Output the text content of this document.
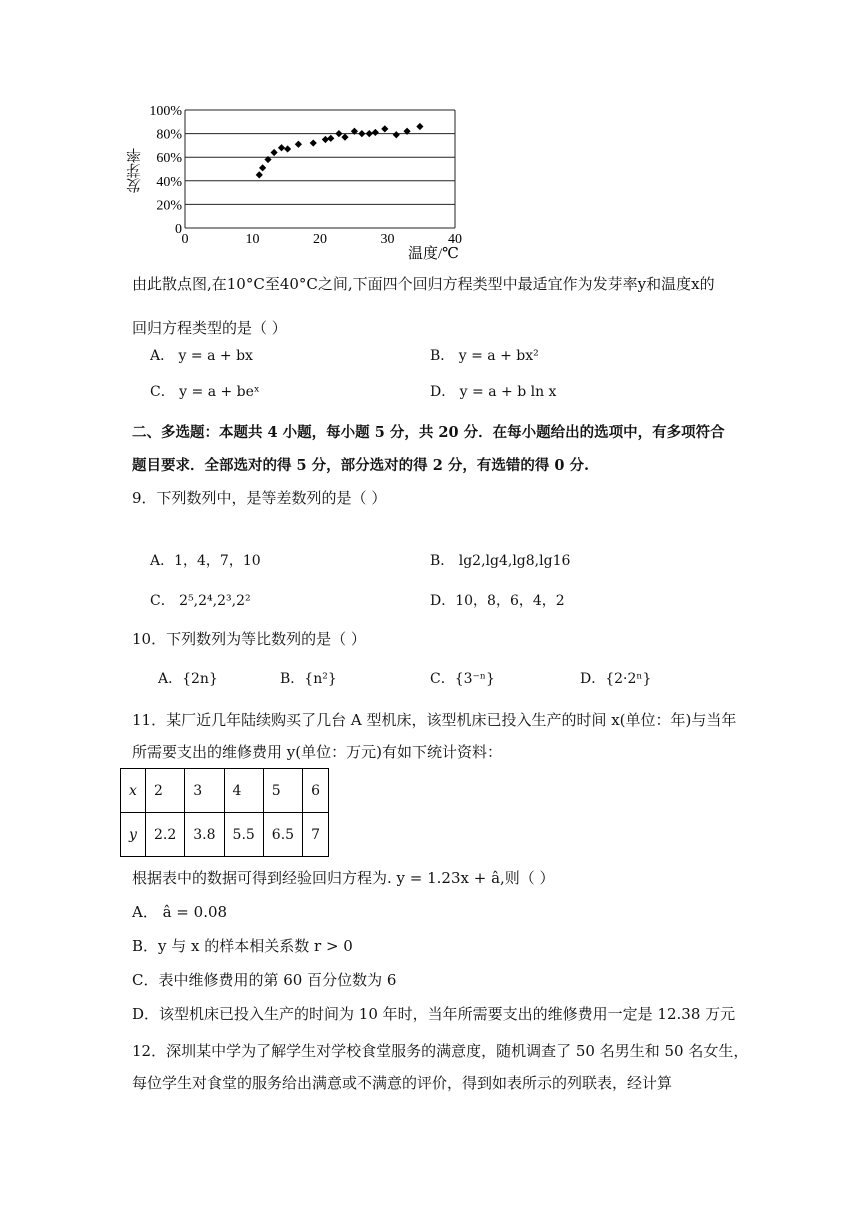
0
20%
40%
60%
80%
100%
0	10	20	30	40
温度/℃
发芽率
由此散点图,在10°C至40°C之间,下面四个回归方程类型中最适宜作为发芽率y和温度x的
回归方程类型的是（ ）
A． y = a + bx	B． y = a + bx²
C． y = a + beˣ	D． y = a + b ln x
二、多选题：本题共 4 小题，每小题 5 分，共 20 分．在每小题给出的选项中，有多项符合
题目要求．全部选对的得 5 分，部分选对的得 2 分，有选错的得 0 分.
9．下列数列中，是等差数列的是（ ）
A．1，4，7，10	B． lg2,lg4,lg8,lg16
C． 2⁵,2⁴,2³,2²	D．10，8，6，4，2
10．下列数列为等比数列的是（ ）
A．{2n}	B．{n²}	C．{3⁻ⁿ}	D．{2·2ⁿ}
11．某厂近几年陆续购买了几台 A 型机床，该型机床已投入生产的时间 x(单位：年)与当年
所需要支出的维修费用 y(单位：万元)有如下统计资料：
x	2	3	4	5	6
y	2.2	3.8	5.5	6.5	7
根据表中的数据可得到经验回归方程为. y = 1.23x + â,则（ ）
A． â = 0.08
B．y 与 x 的样本相关系数 r > 0
C．表中维修费用的第 60 百分位数为 6
D．该型机床已投入生产的时间为 10 年时，当年所需要支出的维修费用一定是 12.38 万元
12．深圳某中学为了解学生对学校食堂服务的满意度，随机调查了 50 名男生和 50 名女生，
每位学生对食堂的服务给出满意或不满意的评价，得到如表所示的列联表，经计算
